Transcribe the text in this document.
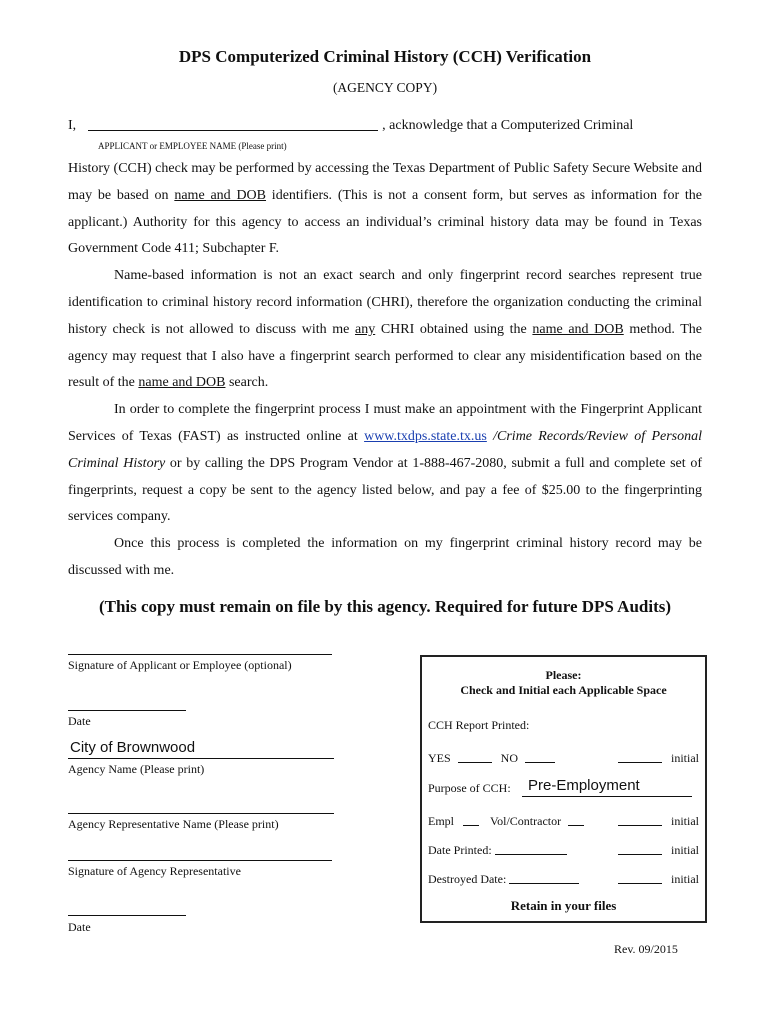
DPS Computerized Criminal History (CCH) Verification
(AGENCY COPY)
I,	, acknowledge that a Computerized Criminal
APPLICANT or EMPLOYEE NAME (Please print)

History (CCH) check may be performed by accessing the Texas Department of Public Safety Secure Website and may be based on name and DOB identifiers. (This is not a consent form, but serves as information for the applicant.) Authority for this agency to access an individual’s criminal history data may be found in Texas Government Code 411; Subchapter F.

Name-based information is not an exact search and only fingerprint record searches represent true identification to criminal history record information (CHRI), therefore the organization conducting the criminal history check is not allowed to discuss with me any CHRI obtained using the name and DOB method. The agency may request that I also have a fingerprint search performed to clear any misidentification based on the result of the name and DOB search.

In order to complete the fingerprint process I must make an appointment with the Fingerprint Applicant Services of Texas (FAST) as instructed online at www.txdps.state.tx.us /Crime Records/Review of Personal Criminal History or by calling the DPS Program Vendor at 1-888-467-2080, submit a full and complete set of fingerprints, request a copy be sent to the agency listed below, and pay a fee of $25.00 to the fingerprinting services company.

Once this process is completed the information on my fingerprint criminal history record may be discussed with me.

(This copy must remain on file by this agency. Required for future DPS Audits)
Signature of Applicant or Employee (optional)
Date
City of Brownwood
Agency Name (Please print)
Agency Representative Name (Please print)
Signature of Agency Representative
Date
Please:
Check and Initial each Applicable Space
CCH Report Printed:
YES	NO	initial
Purpose of CCH: Pre-Employment
Empl	Vol/Contractor	initial
Date Printed:	initial
Destroyed Date:	initial
Retain in your files
Rev. 09/2015
